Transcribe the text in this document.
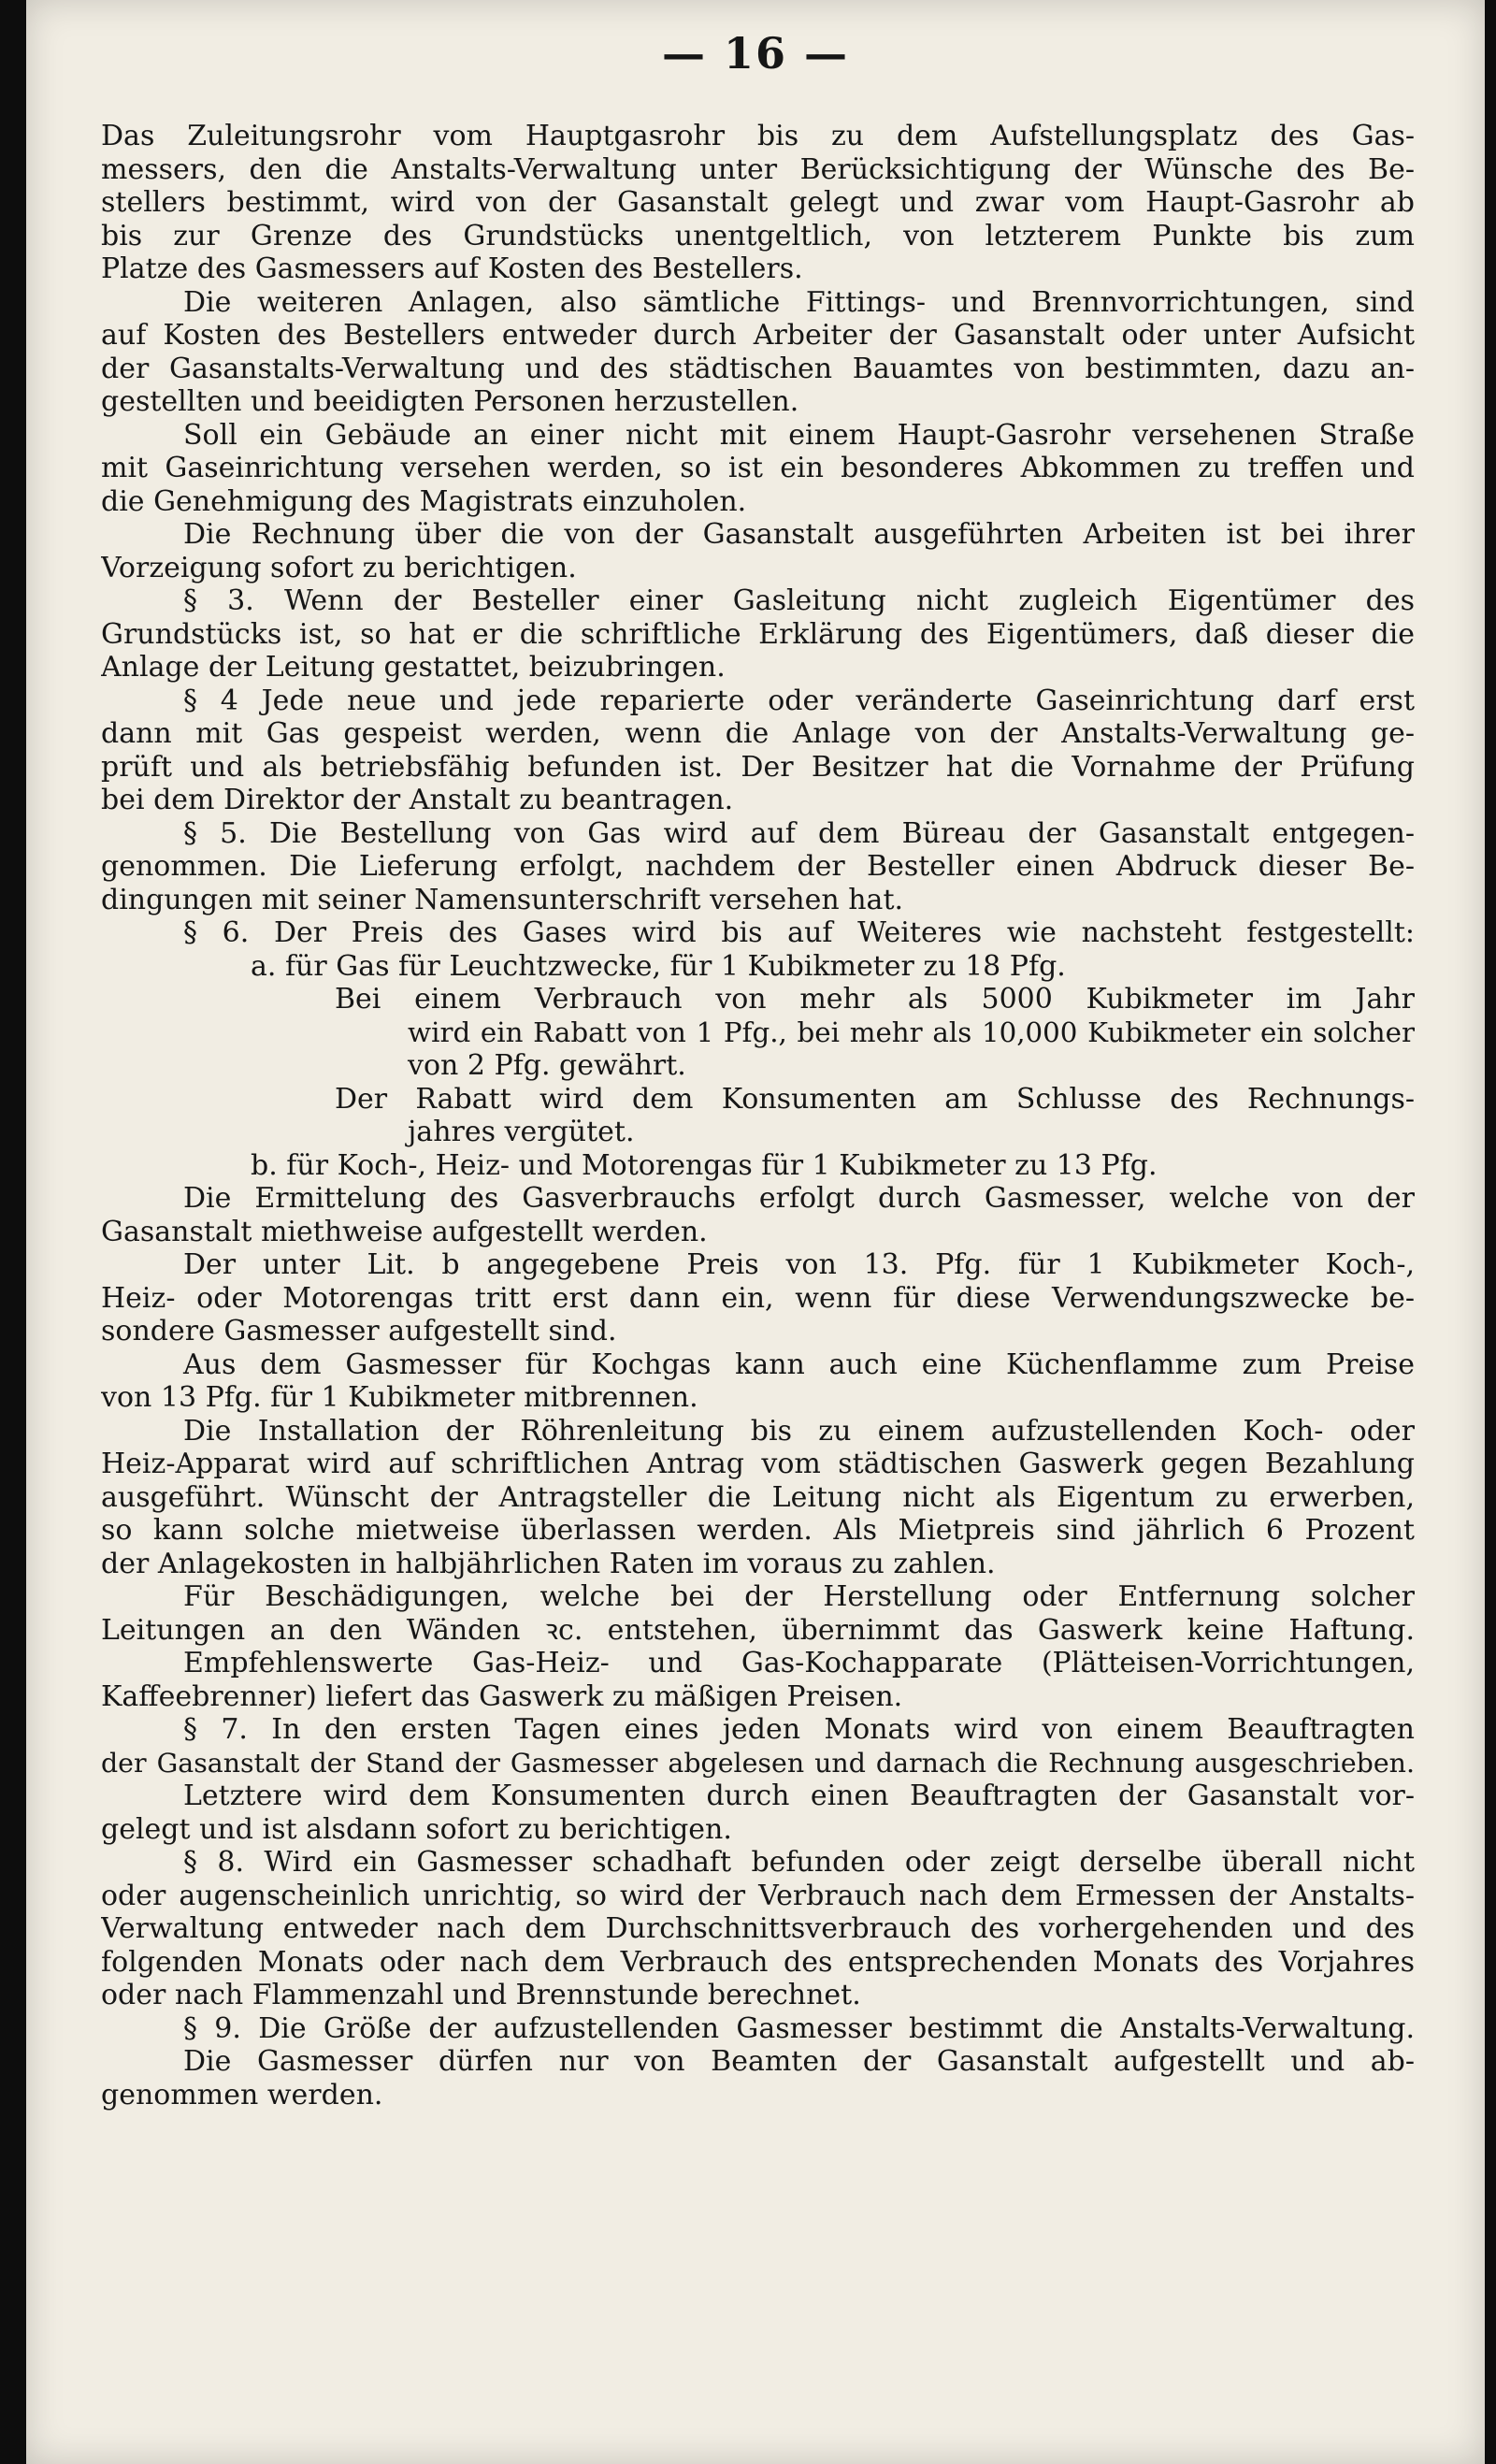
— 16 —
Das Zuleitungsrohr vom Hauptgasrohr bis zu dem Aufstellungsplatz des Gas-
messers, den die Anstalts-Verwaltung unter Berücksichtigung der Wünsche des Be-
stellers bestimmt, wird von der Gasanstalt gelegt und zwar vom Haupt-Gasrohr ab
bis zur Grenze des Grundstücks unentgeltlich, von letzterem Punkte bis zum
Platze des Gasmessers auf Kosten des Bestellers.
Die weiteren Anlagen, also sämtliche Fittings- und Brennvorrichtungen, sind
auf Kosten des Bestellers entweder durch Arbeiter der Gasanstalt oder unter Aufsicht
der Gasanstalts-Verwaltung und des städtischen Bauamtes von bestimmten, dazu an-
gestellten und beeidigten Personen herzustellen.
Soll ein Gebäude an einer nicht mit einem Haupt-Gasrohr versehenen Straße
mit Gaseinrichtung versehen werden, so ist ein besonderes Abkommen zu treffen und
die Genehmigung des Magistrats einzuholen.
Die Rechnung über die von der Gasanstalt ausgeführten Arbeiten ist bei ihrer
Vorzeigung sofort zu berichtigen.
§ 3. Wenn der Besteller einer Gasleitung nicht zugleich Eigentümer des
Grundstücks ist, so hat er die schriftliche Erklärung des Eigentümers, daß dieser die
Anlage der Leitung gestattet, beizubringen.
§ 4 Jede neue und jede reparierte oder veränderte Gaseinrichtung darf erst
dann mit Gas gespeist werden, wenn die Anlage von der Anstalts-Verwaltung ge-
prüft und als betriebsfähig befunden ist. Der Besitzer hat die Vornahme der Prüfung
bei dem Direktor der Anstalt zu beantragen.
§ 5. Die Bestellung von Gas wird auf dem Büreau der Gasanstalt entgegen-
genommen. Die Lieferung erfolgt, nachdem der Besteller einen Abdruck dieser Be-
dingungen mit seiner Namensunterschrift versehen hat.
§ 6. Der Preis des Gases wird bis auf Weiteres wie nachsteht festgestellt:
a. für Gas für Leuchtzwecke, für 1 Kubikmeter zu 18 Pfg.
Bei einem Verbrauch von mehr als 5000 Kubikmeter im Jahr
wird ein Rabatt von 1 Pfg., bei mehr als 10,000 Kubikmeter ein solcher
von 2 Pfg. gewährt.
Der Rabatt wird dem Konsumenten am Schlusse des Rechnungs-
jahres vergütet.
b. für Koch-, Heiz- und Motorengas für 1 Kubikmeter zu 13 Pfg.
Die Ermittelung des Gasverbrauchs erfolgt durch Gasmesser, welche von der
Gasanstalt miethweise aufgestellt werden.
Der unter Lit. b angegebene Preis von 13. Pfg. für 1 Kubikmeter Koch-,
Heiz- oder Motorengas tritt erst dann ein, wenn für diese Verwendungszwecke be-
sondere Gasmesser aufgestellt sind.
Aus dem Gasmesser für Kochgas kann auch eine Küchenflamme zum Preise
von 13 Pfg. für 1 Kubikmeter mitbrennen.
Die Installation der Röhrenleitung bis zu einem aufzustellenden Koch- oder
Heiz-Apparat wird auf schriftlichen Antrag vom städtischen Gaswerk gegen Bezahlung
ausgeführt. Wünscht der Antragsteller die Leitung nicht als Eigentum zu erwerben,
so kann solche mietweise überlassen werden. Als Mietpreis sind jährlich 6 Prozent
der Anlagekosten in halbjährlichen Raten im voraus zu zahlen.
Für Beschädigungen, welche bei der Herstellung oder Entfernung solcher
Leitungen an den Wänden ꝛc. entstehen, übernimmt das Gaswerk keine Haftung.
Empfehlenswerte Gas-Heiz- und Gas-Kochapparate (Plätteisen-Vorrichtungen,
Kaffeebrenner) liefert das Gaswerk zu mäßigen Preisen.
§ 7. In den ersten Tagen eines jeden Monats wird von einem Beauftragten
der Gasanstalt der Stand der Gasmesser abgelesen und darnach die Rechnung ausgeschrieben.
Letztere wird dem Konsumenten durch einen Beauftragten der Gasanstalt vor-
gelegt und ist alsdann sofort zu berichtigen.
§ 8. Wird ein Gasmesser schadhaft befunden oder zeigt derselbe überall nicht
oder augenscheinlich unrichtig, so wird der Verbrauch nach dem Ermessen der Anstalts-
Verwaltung entweder nach dem Durchschnittsverbrauch des vorhergehenden und des
folgenden Monats oder nach dem Verbrauch des entsprechenden Monats des Vorjahres
oder nach Flammenzahl und Brennstunde berechnet.
§ 9. Die Größe der aufzustellenden Gasmesser bestimmt die Anstalts-Verwaltung.
Die Gasmesser dürfen nur von Beamten der Gasanstalt aufgestellt und ab-
genommen werden.
